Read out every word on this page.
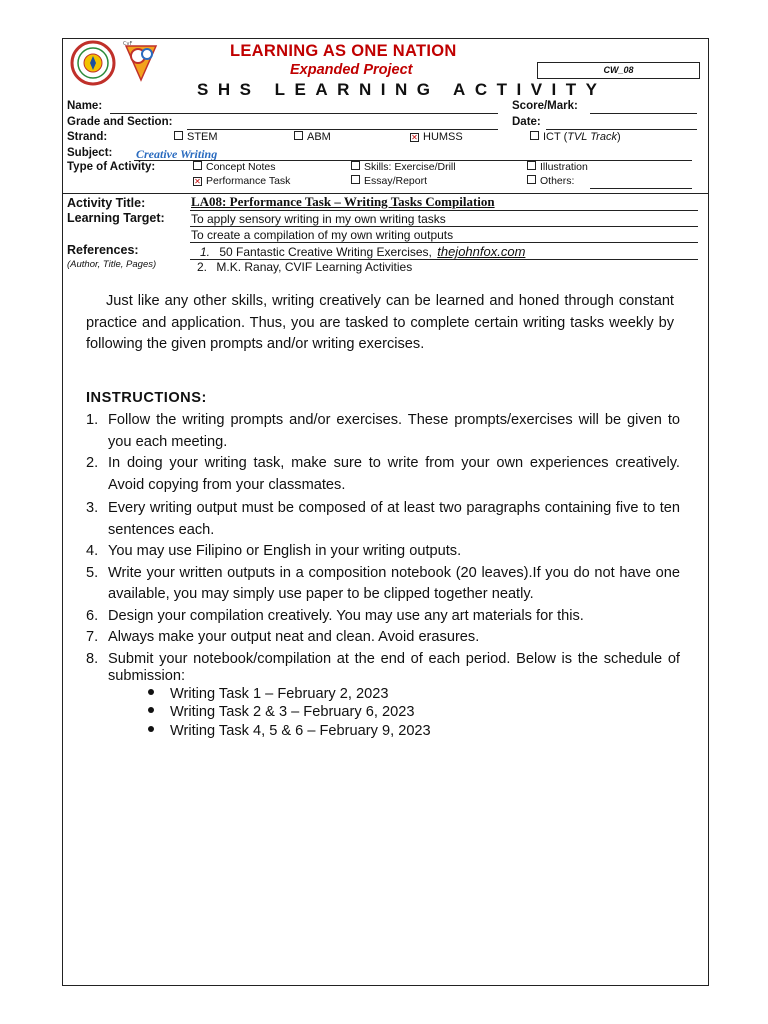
CvF	LEARNING AS ONE NATION
Expanded Project
SHS LEARNING ACTIVITY
CW_08
Name:	Score/Mark:
Grade and Section:	Date:
Strand:	STEM	ABM	✕ HUMSS	ICT (TVL Track)
Subject: Creative Writing
Type of Activity:	Concept Notes	Skills: Exercise/Drill	Illustration
✕ Performance Task	Essay/Report	Others:
Activity Title:	LA08: Performance Task – Writing Tasks Compilation
Learning Target: To apply sensory writing in my own writing tasks
To create a compilation of my own writing outputs
References:
(Author, Title, Pages)
1. 50 Fantastic Creative Writing Exercises, thejohnfox.com
2. M.K. Ranay, CVIF Learning Activities
Just like any other skills, writing creatively can be learned and honed through constant practice and application. Thus, you are tasked to complete certain writing tasks weekly by following the given prompts and/or writing exercises.
INSTRUCTIONS:
1. Follow the writing prompts and/or exercises. These prompts/exercises will be given to you each meeting.
2. In doing your writing task, make sure to write from your own experiences creatively. Avoid copying from your classmates.
3. Every writing output must be composed of at least two paragraphs containing five to ten sentences each.
4. You may use Filipino or English in your writing outputs.
5. Write your written outputs in a composition notebook (20 leaves).If you do not have one available, you may simply use paper to be clipped together neatly.
6. Design your compilation creatively. You may use any art materials for this.
7. Always make your output neat and clean. Avoid erasures.
8. Submit your notebook/compilation at the end of each period. Below is the schedule of submission:
Writing Task 1 – February 2, 2023
Writing Task 2 & 3 – February 6, 2023
Writing Task 4, 5 & 6 – February 9, 2023
